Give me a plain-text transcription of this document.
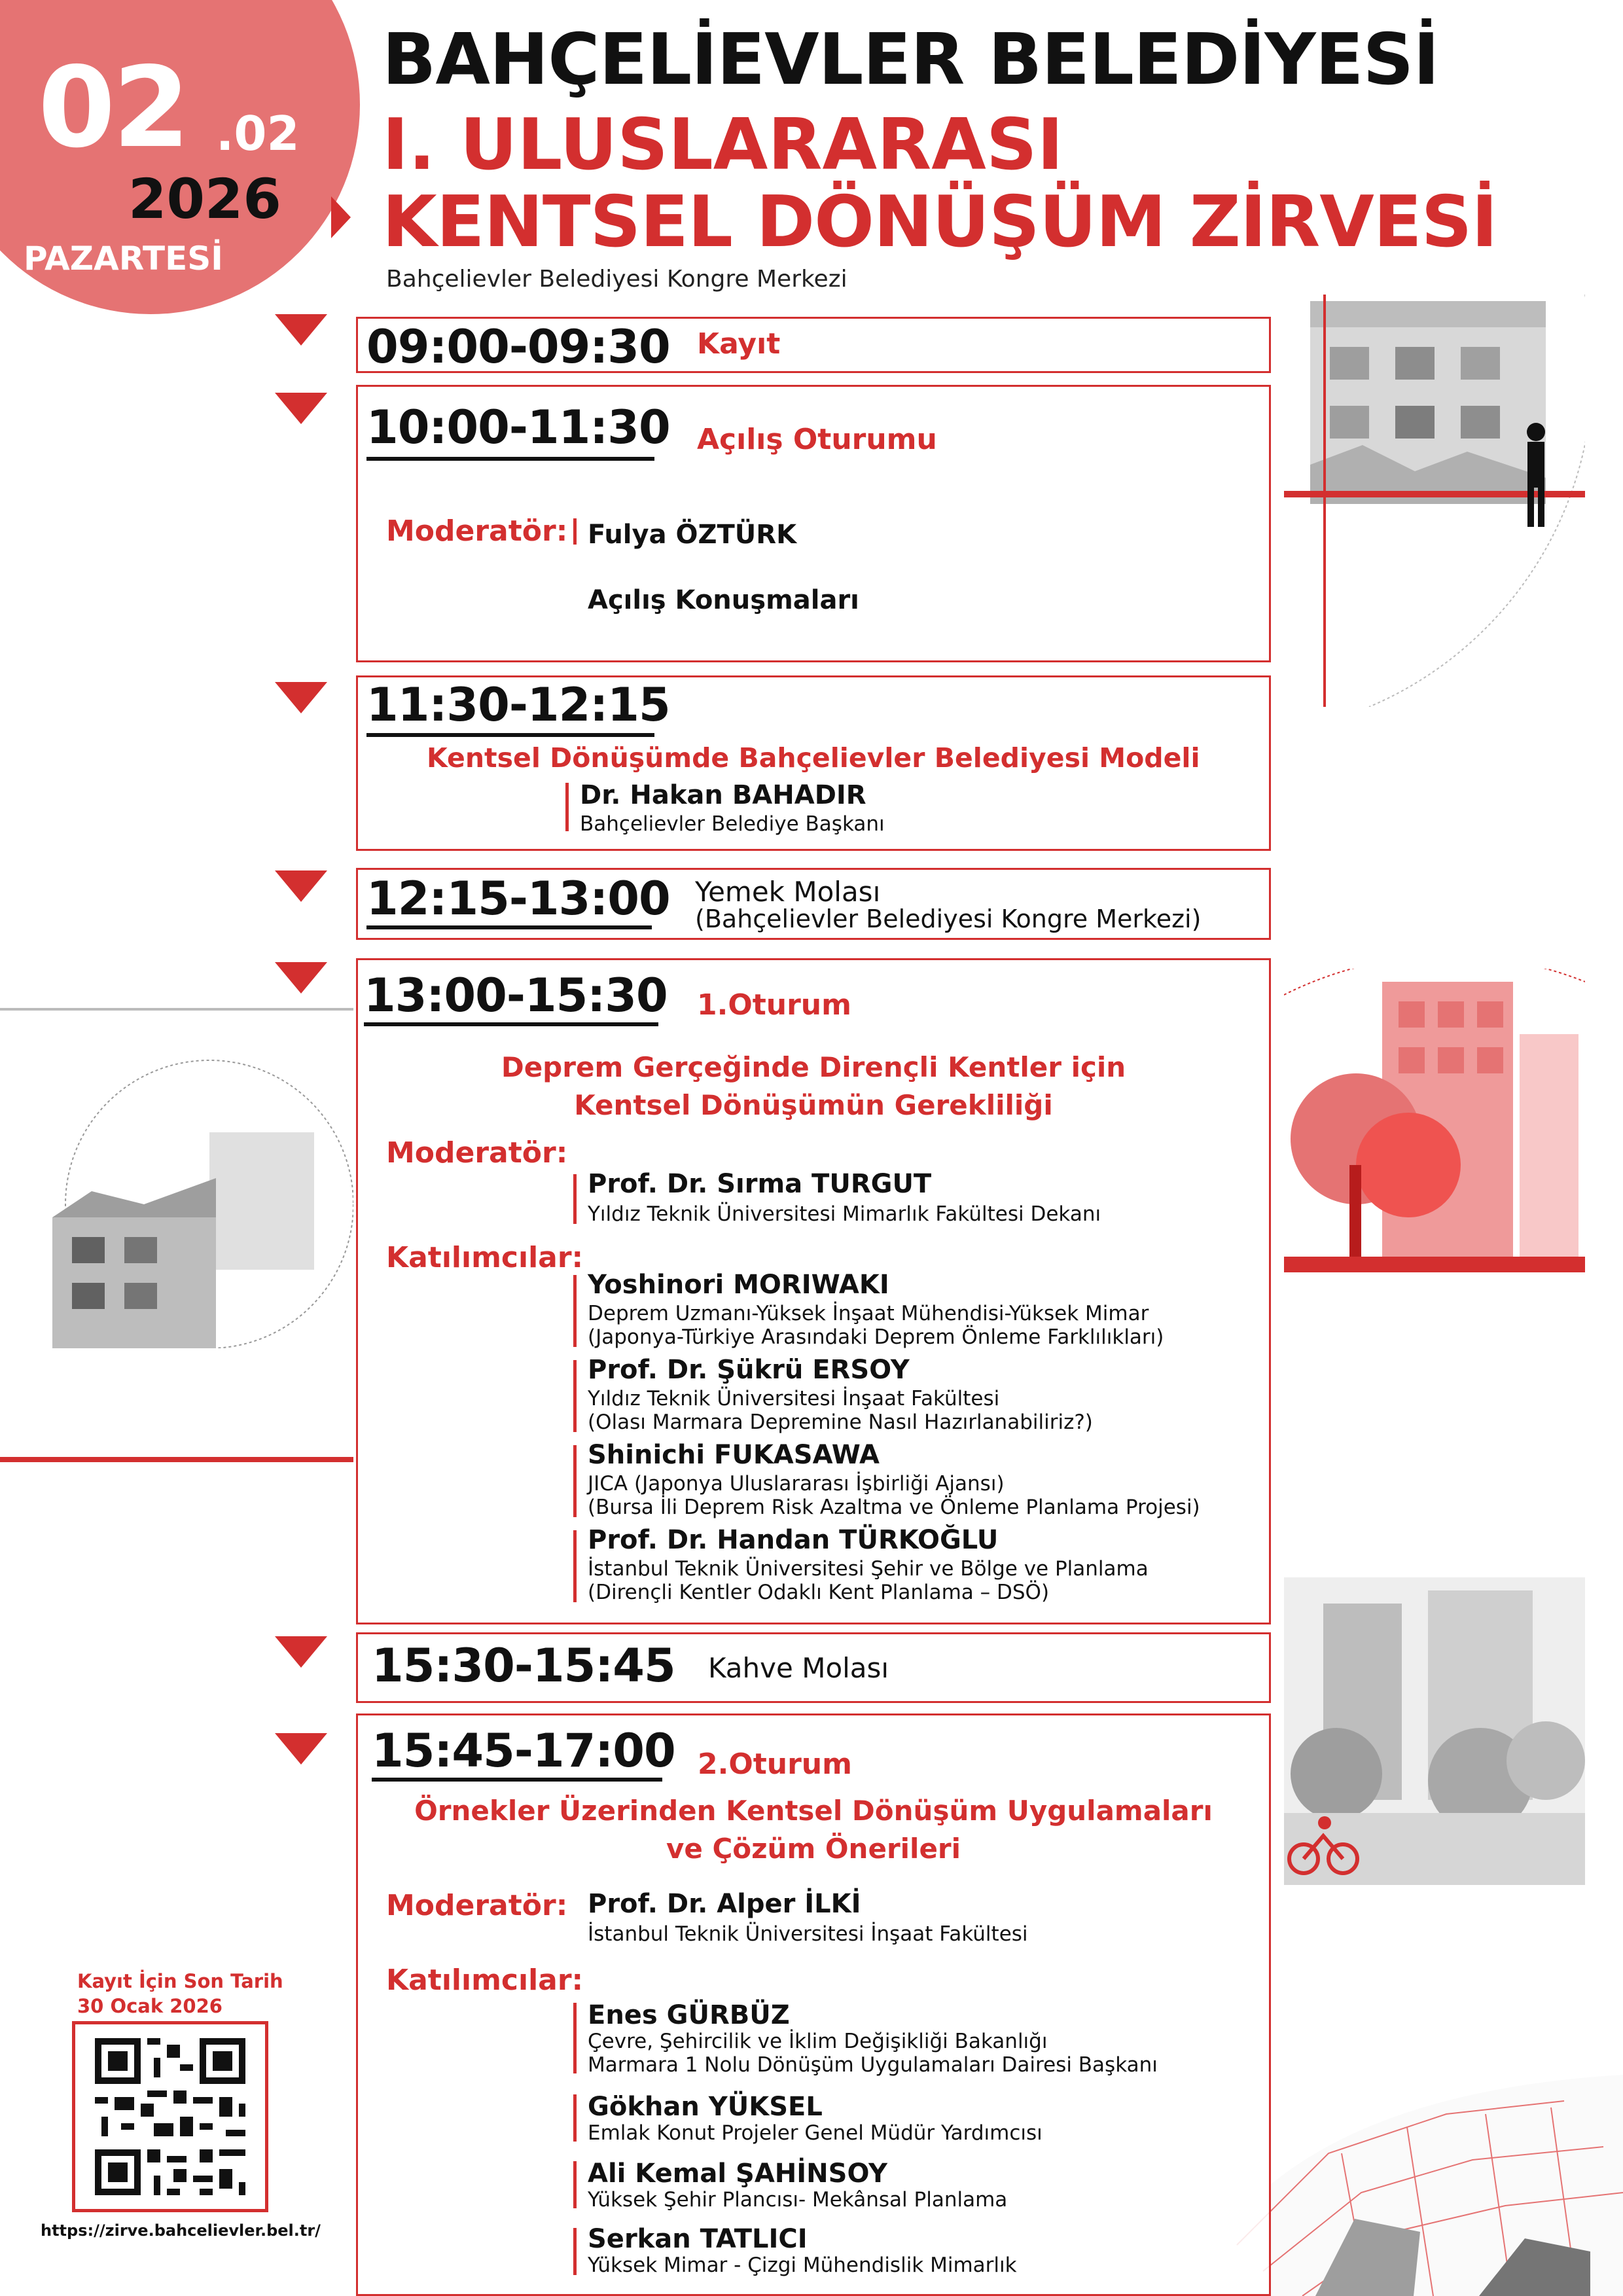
02 .02
2026
PAZARTESİ
BAHÇELİEVLER BELEDİYESİ
I. ULUSLARARASI
KENTSEL DÖNÜŞÜM ZİRVESİ
Bahçelievler Belediyesi Kongre Merkezi
09:00-09:30 Kayıt
10:00-11:30 Açılış Oturumu
Moderatör: Fulya ÖZTÜRK
Açılış Konuşmaları
11:30-12:15
Kentsel Dönüşümde Bahçelievler Belediyesi Modeli
Dr. Hakan BAHADIR
Bahçelievler Belediye Başkanı
12:15-13:00 Yemek Molası
(Bahçelievler Belediyesi Kongre Merkezi)
13:00-15:30 1.Oturum
Deprem Gerçeğinde Dirençli Kentler için
Kentsel Dönüşümün Gerekliliği
Moderatör:
Prof. Dr. Sırma TURGUT
Yıldız Teknik Üniversitesi Mimarlık Fakültesi Dekanı
Katılımcılar:
Yoshinori MORIWAKI
Deprem Uzmanı-Yüksek İnşaat Mühendisi-Yüksek Mimar
(Japonya-Türkiye Arasındaki Deprem Önleme Farklılıkları)
Prof. Dr. Şükrü ERSOY
Yıldız Teknik Üniversitesi İnşaat Fakültesi
(Olası Marmara Depremine Nasıl Hazırlanabiliriz?)
Shinichi FUKASAWA
JICA (Japonya Uluslararası İşbirliği Ajansı)
(Bursa İli Deprem Risk Azaltma ve Önleme Planlama Projesi)
Prof. Dr. Handan TÜRKOĞLU
İstanbul Teknik Üniversitesi Şehir ve Bölge ve Planlama
(Dirençli Kentler Odaklı Kent Planlama – DSÖ)
15:30-15:45 Kahve Molası
15:45-17:00 2.Oturum
Örnekler Üzerinden Kentsel Dönüşüm Uygulamaları
ve Çözüm Önerileri
Moderatör: Prof. Dr. Alper İLKİ
İstanbul Teknik Üniversitesi İnşaat Fakültesi
Katılımcılar:
Enes GÜRBÜZ
Çevre, Şehircilik ve İklim Değişikliği Bakanlığı
Marmara 1 Nolu Dönüşüm Uygulamaları Dairesi Başkanı
Gökhan YÜKSEL
Emlak Konut Projeler Genel Müdür Yardımcısı
Ali Kemal ŞAHİNSOY
Yüksek Şehir Plancısı- Mekânsal Planlama
Serkan TATLICI
Yüksek Mimar - Çizgi Mühendislik Mimarlık
Kayıt İçin Son Tarih
30 Ocak 2026
https://zirve.bahcelievler.bel.tr/
